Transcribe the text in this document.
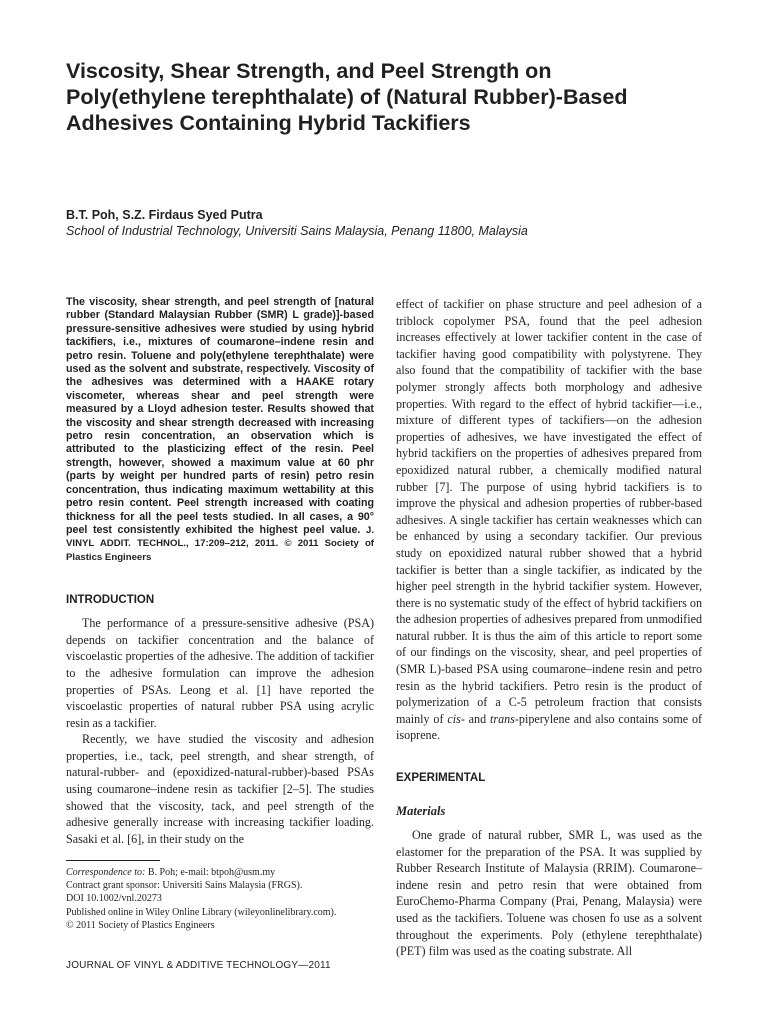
Viscosity, Shear Strength, and Peel Strength on
Poly(ethylene terephthalate) of (Natural Rubber)-Based
Adhesives Containing Hybrid Tackifiers
B.T. Poh, S.Z. Firdaus Syed Putra
School of Industrial Technology, Universiti Sains Malaysia, Penang 11800, Malaysia

The viscosity, shear strength, and peel strength of [natural rubber (Standard Malaysian Rubber (SMR) L grade)]-based pressure-sensitive adhesives were studied by using hybrid tackifiers, i.e., mixtures of coumarone–indene resin and petro resin. Toluene and poly(ethylene terephthalate) were used as the solvent and substrate, respectively. Viscosity of the adhesives was determined with a HAAKE rotary viscometer, whereas shear and peel strength were measured by a Lloyd adhesion tester. Results showed that the viscosity and shear strength decreased with increasing petro resin concentration, an observation which is attributed to the plasticizing effect of the resin. Peel strength, however, showed a maximum value at 60 phr (parts by weight per hundred parts of resin) petro resin concentration, thus indicating maximum wettability at this petro resin content. Peel strength increased with coating thickness for all the peel tests studied. In all cases, a 90° peel test consistently exhibited the highest peel value. J. VINYL ADDIT. TECHNOL., 17:209–212, 2011. © 2011 Society of Plastics Engineers

INTRODUCTION

The performance of a pressure-sensitive adhesive (PSA) depends on tackifier concentration and the balance of viscoelastic properties of the adhesive. The addition of tackifier to the adhesive formulation can improve the adhesion properties of PSAs. Leong et al. [1] have reported the viscoelastic properties of natural rubber PSA using acrylic resin as a tackifier.

Recently, we have studied the viscosity and adhesion properties, i.e., tack, peel strength, and shear strength, of natural-rubber- and (epoxidized-natural-rubber)-based PSAs using coumarone–indene resin as tackifier [2–5]. The studies showed that the viscosity, tack, and peel strength of the adhesive generally increase with increasing tackifier loading. Sasaki et al. [6], in their study on the

effect of tackifier on phase structure and peel adhesion of a triblock copolymer PSA, found that the peel adhesion increases effectively at lower tackifier content in the case of tackifier having good compatibility with polystyrene. They also found that the compatibility of tackifier with the base polymer strongly affects both morphology and adhesive properties. With regard to the effect of hybrid tackifier—i.e., mixture of different types of tackifiers—on the adhesion properties of adhesives, we have investigated the effect of hybrid tackifiers on the properties of adhesives prepared from epoxidized natural rubber, a chemically modified natural rubber [7]. The purpose of using hybrid tackifiers is to improve the physical and adhesion properties of rubber-based adhesives. A single tackifier has certain weaknesses which can be enhanced by using a secondary tackifier. Our previous study on epoxidized natural rubber showed that a hybrid tackifier is better than a single tackifier, as indicated by the higher peel strength in the hybrid tackifier system. However, there is no systematic study of the effect of hybrid tackifiers on the adhesion properties of adhesives prepared from unmodified natural rubber. It is thus the aim of this article to report some of our findings on the viscosity, shear, and peel properties of (SMR L)-based PSA using coumarone–indene resin and petro resin as the hybrid tackifiers. Petro resin is the product of polymerization of a C-5 petroleum fraction that consists mainly of cis- and trans-piperylene and also contains some of isoprene.

EXPERIMENTAL
Materials

One grade of natural rubber, SMR L, was used as the elastomer for the preparation of the PSA. It was supplied by Rubber Research Institute of Malaysia (RRIM). Coumarone–indene resin and petro resin that were obtained from EuroChemo-Pharma Company (Prai, Penang, Malaysia) were used as the tackifiers. Toluene was chosen fo use as a solvent throughout the experiments. Poly (ethylene terephthalate) (PET) film was used as the coating substrate. All

Correspondence to: B. Poh; e-mail: btpoh@usm.my
Contract grant sponsor: Universiti Sains Malaysia (FRGS).
DOI 10.1002/vnl.20273
Published online in Wiley Online Library (wileyonlinelibrary.com).
© 2011 Society of Plastics Engineers
JOURNAL OF VINYL & ADDITIVE TECHNOLOGY—2011
